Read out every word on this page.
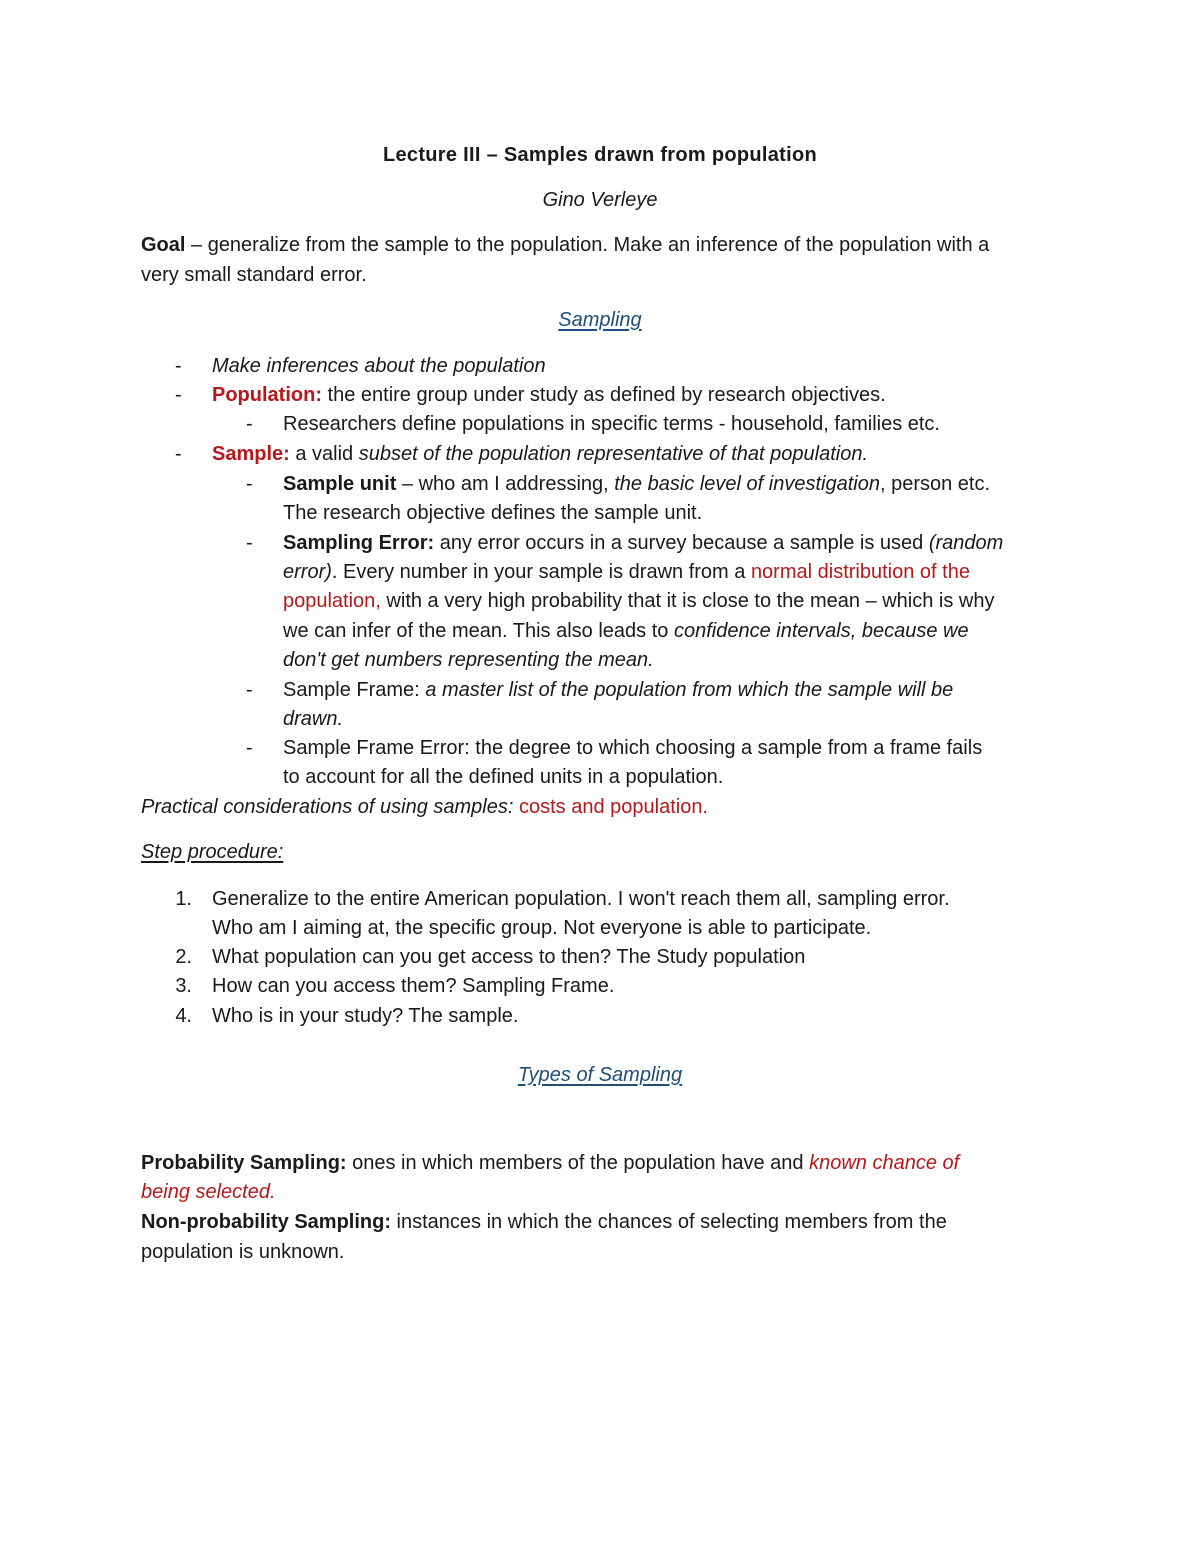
Lecture III – Samples drawn from population
Gino Verleye
Goal – generalize from the sample to the population. Make an inference of the population with a
very small standard error.
Sampling
- Make inferences about the population
- Population: the entire group under study as defined by research objectives.
- Researchers define populations in specific terms - household, families etc.
- Sample: a valid subset of the population representative of that population.
- Sample unit – who am I addressing, the basic level of investigation, person etc.
The research objective defines the sample unit.
- Sampling Error: any error occurs in a survey because a sample is used (random
error). Every number in your sample is drawn from a normal distribution of the
population, with a very high probability that it is close to the mean – which is why
we can infer of the mean. This also leads to confidence intervals, because we
don't get numbers representing the mean.
- Sample Frame: a master list of the population from which the sample will be
drawn.
- Sample Frame Error: the degree to which choosing a sample from a frame fails
to account for all the defined units in a population.
Practical considerations of using samples: costs and population.
Step procedure:
1. Generalize to the entire American population. I won't reach them all, sampling error.
Who am I aiming at, the specific group. Not everyone is able to participate.
2. What population can you get access to then? The Study population
3. How can you access them? Sampling Frame.
4. Who is in your study? The sample.
Types of Sampling
Probability Sampling: ones in which members of the population have and known chance of
being selected.
Non-probability Sampling: instances in which the chances of selecting members from the
population is unknown.
